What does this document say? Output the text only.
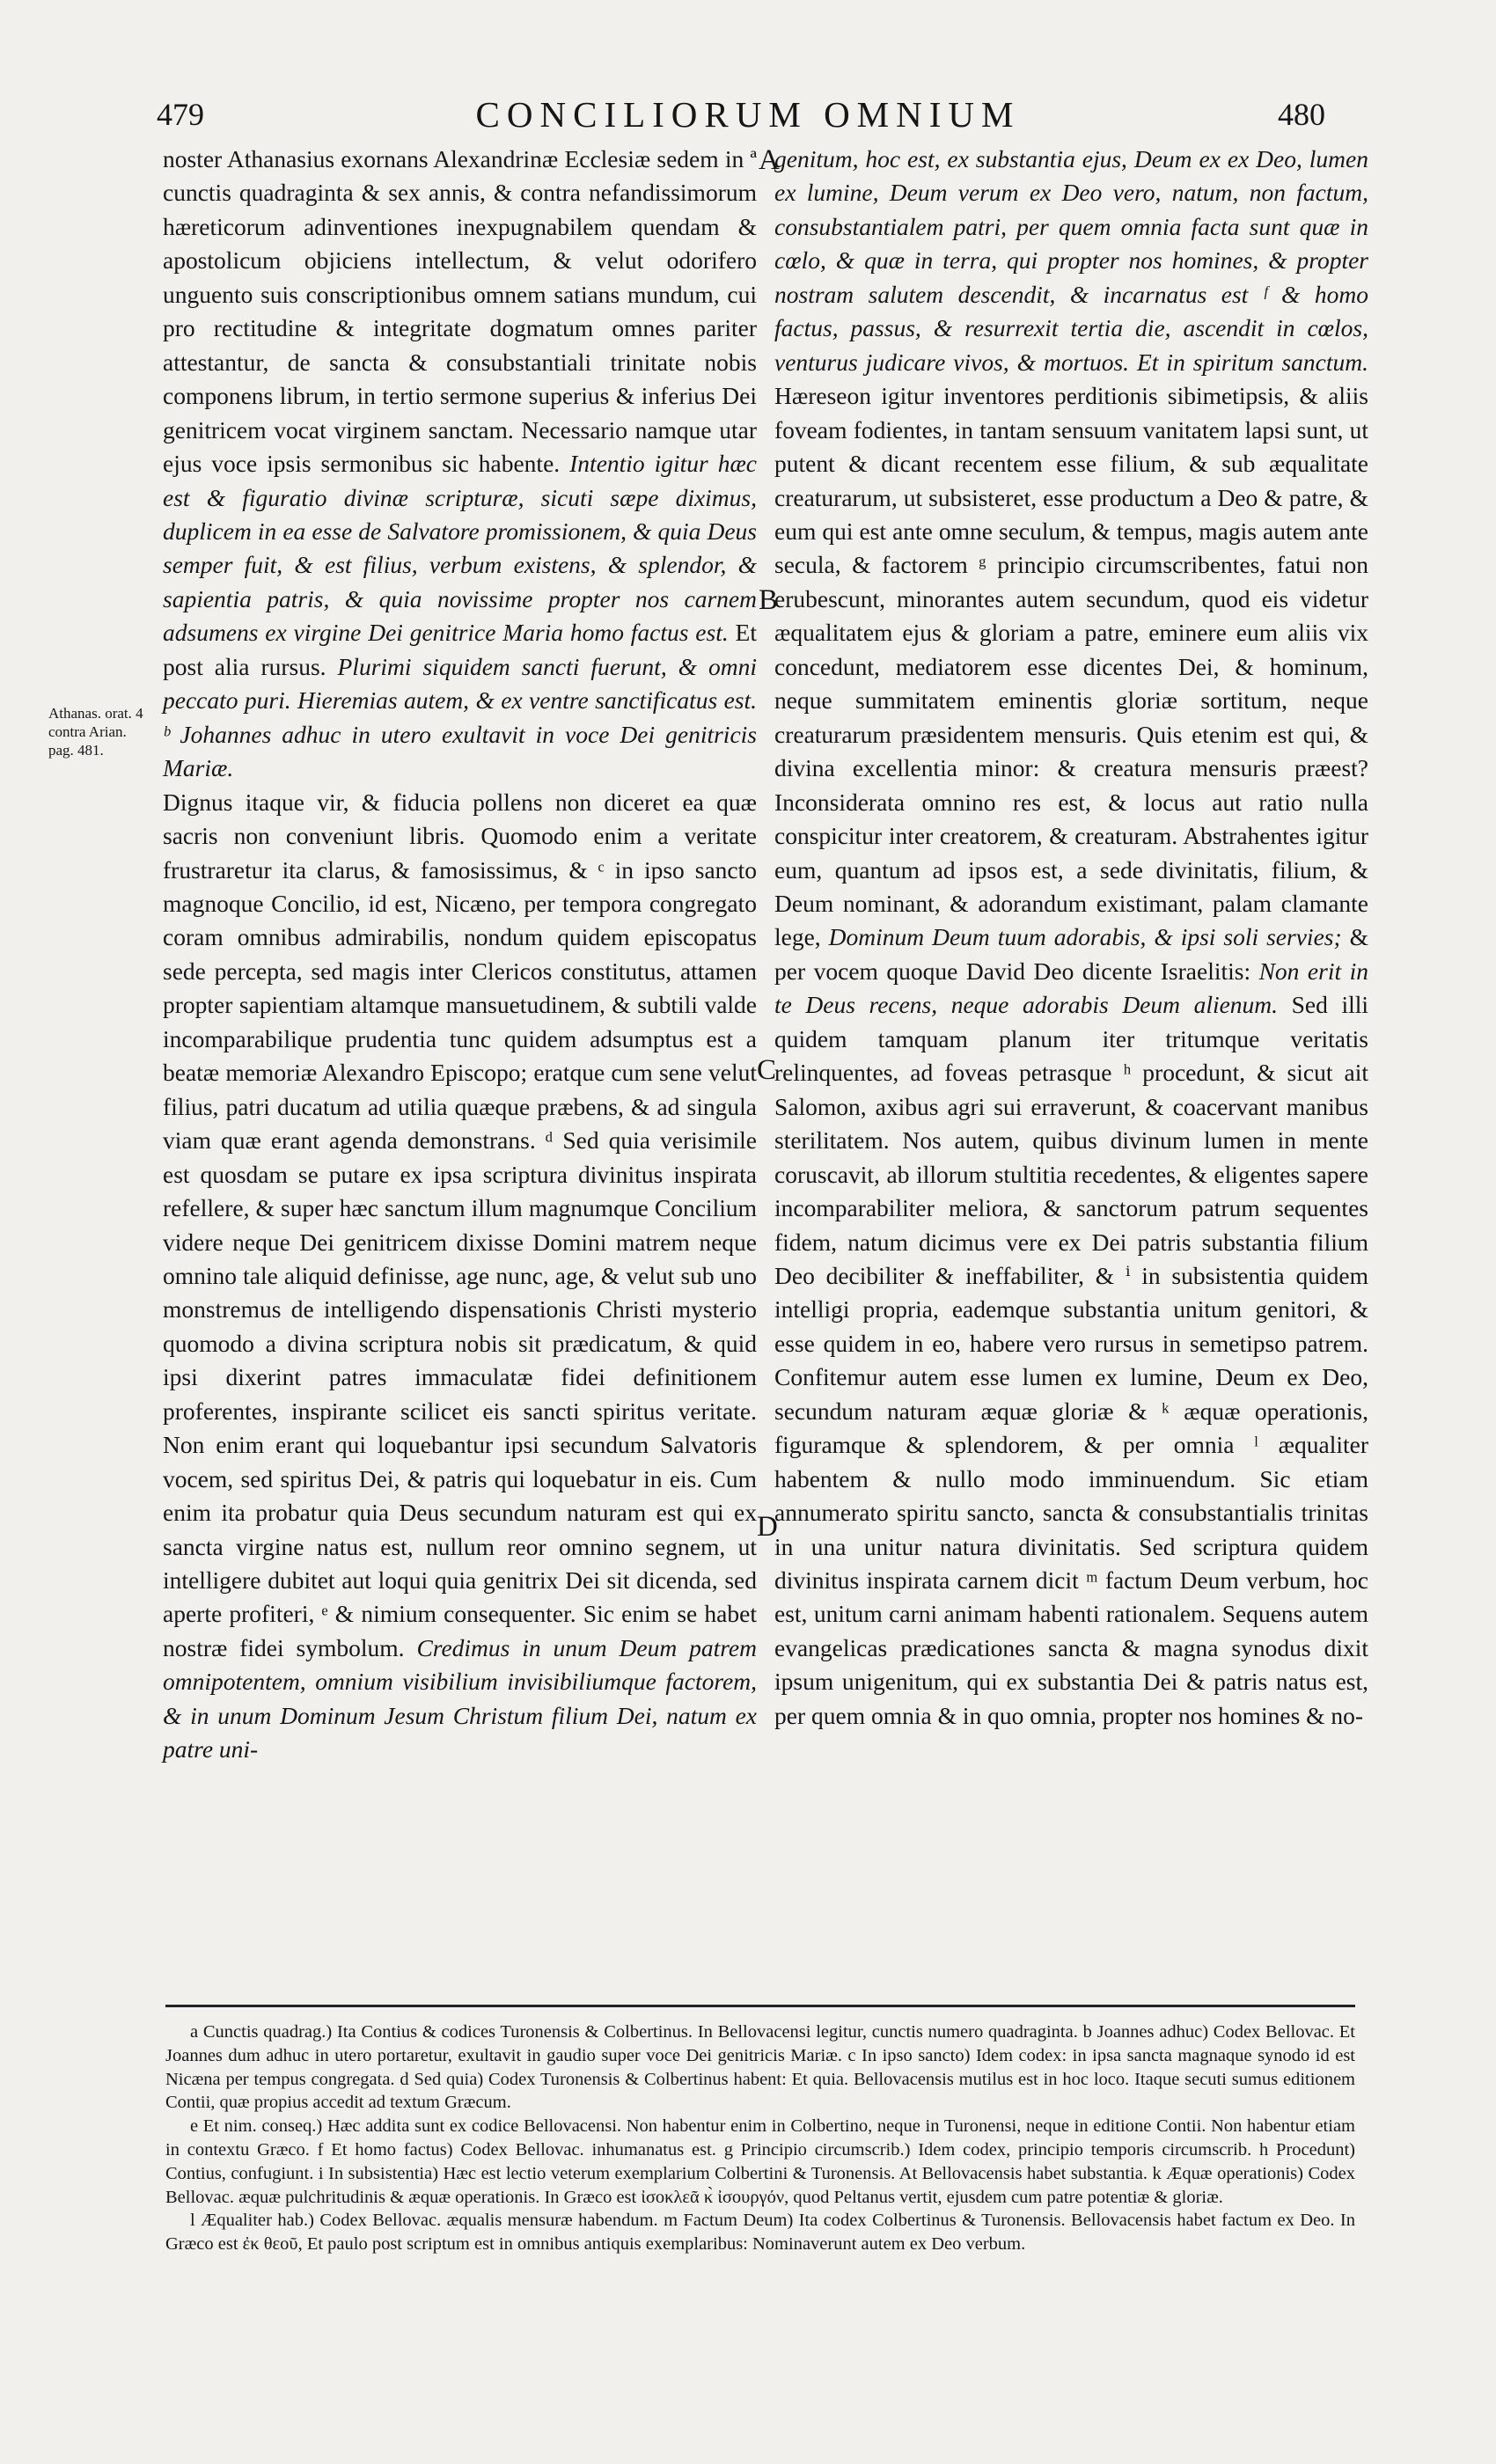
479	CONCILIORUM OMNIUM	480
Athanas. orat. 4 contra Arian. pag. 481.
A
B
C
D

noster Athanasius exornans Alexandrinæ Ecclesiæ sedem in ª cunctis quadraginta & sex annis, & contra nefandissimorum hæreticorum adinventiones inexpugnabilem quendam & apostolicum objiciens intellectum, & velut odorifero unguento suis conscriptionibus omnem satians mundum, cui pro rectitudine & integritate dogmatum omnes pariter attestantur, de sancta & consubstantiali trinitate nobis componens librum, in tertio sermone superius & inferius Dei genitricem vocat virginem sanctam. Necessario namque utar ejus voce ipsis sermonibus sic habente. Intentio igitur hæc est & figuratio divinæ scripturæ, sicuti sæpe diximus, duplicem in ea esse de Salvatore promissionem, & quia Deus semper fuit, & est filius, verbum existens, & splendor, & sapientia patris, & quia novissime propter nos carnem adsumens ex virgine Dei genitrice Maria homo factus est. Et post alia rursus. Plurimi siquidem sancti fuerunt, & omni peccato puri. Hieremias autem, & ex ventre sanctificatus est. ᵇ Johannes adhuc in utero exultavit in voce Dei genitricis Mariæ.

Dignus itaque vir, & fiducia pollens non diceret ea quæ sacris non conveniunt libris. Quomodo enim a veritate frustraretur ita clarus, & famosissimus, & ᶜ in ipso sancto magnoque Concilio, id est, Nicæno, per tempora congregato coram omnibus admirabilis, nondum quidem episcopatus sede percepta, sed magis inter Clericos constitutus, attamen propter sapientiam altamque mansuetudinem, & subtili valde incomparabilique prudentia tunc quidem adsumptus est a beatæ memoriæ Alexandro Episcopo; eratque cum sene velut filius, patri ducatum ad utilia quæque præbens, & ad singula viam quæ erant agenda demonstrans. ᵈ Sed quia verisimile est quosdam se putare ex ipsa scriptura divinitus inspirata refellere, & super hæc sanctum illum magnumque Concilium videre neque Dei genitricem dixisse Domini matrem neque omnino tale aliquid definisse, age nunc, age, & velut sub uno monstremus de intelligendo dispensationis Christi mysterio quomodo a divina scriptura nobis sit prædicatum, & quid ipsi dixerint patres immaculatæ fidei definitionem proferentes, inspirante scilicet eis sancti spiritus veritate. Non enim erant qui loquebantur ipsi secundum Salvatoris vocem, sed spiritus Dei, & patris qui loquebatur in eis. Cum enim ita probatur quia Deus secundum naturam est qui ex sancta virgine natus est, nullum reor omnino segnem, ut intelligere dubitet aut loqui quia genitrix Dei sit dicenda, sed aperte profiteri, ᵉ & nimium consequenter. Sic enim se habet nostræ fidei symbolum. Credimus in unum Deum patrem omnipotentem, omnium visibilium invisibiliumque factorem, & in unum Dominum Jesum Christum filium Dei, natum ex patre uni-

genitum, hoc est, ex substantia ejus, Deum ex ex Deo, lumen ex lumine, Deum verum ex Deo vero, natum, non factum, consubstantialem patri, per quem omnia facta sunt quæ in cœlo, & quæ in terra, qui propter nos homines, & propter nostram salutem descendit, & incarnatus est ᶠ & homo factus, passus, & resurrexit tertia die, ascendit in cœlos, venturus judicare vivos, & mortuos. Et in spiritum sanctum. Hæreseon igitur inventores perditionis sibimetipsis, & aliis foveam fodientes, in tantam sensuum vanitatem lapsi sunt, ut putent & dicant recentem esse filium, & sub æqualitate creaturarum, ut subsisteret, esse productum a Deo & patre, & eum qui est ante omne seculum, & tempus, magis autem ante secula, & factorem ᵍ principio circumscribentes, fatui non erubescunt, minorantes autem secundum, quod eis videtur æqualitatem ejus & gloriam a patre, eminere eum aliis vix concedunt, mediatorem esse dicentes Dei, & hominum, neque summitatem eminentis gloriæ sortitum, neque creaturarum præsidentem mensuris. Quis etenim est qui, & divina excellentia minor: & creatura mensuris præest? Inconsiderata omnino res est, & locus aut ratio nulla conspicitur inter creatorem, & creaturam. Abstrahentes igitur eum, quantum ad ipsos est, a sede divinitatis, filium, & Deum nominant, & adorandum existimant, palam clamante lege, Dominum Deum tuum adorabis, & ipsi soli servies; & per vocem quoque David Deo dicente Israelitis: Non erit in te Deus recens, neque adorabis Deum alienum. Sed illi quidem tamquam planum iter tritumque veritatis relinquentes, ad foveas petrasque ʰ procedunt, & sicut ait Salomon, axibus agri sui erraverunt, & coacervant manibus sterilitatem. Nos autem, quibus divinum lumen in mente coruscavit, ab illorum stultitia recedentes, & eligentes sapere incomparabiliter meliora, & sanctorum patrum sequentes fidem, natum dicimus vere ex Dei patris substantia filium Deo decibiliter & ineffabiliter, & ⁱ in subsistentia quidem intelligi propria, eademque substantia unitum genitori, & esse quidem in eo, habere vero rursus in semetipso patrem. Confitemur autem esse lumen ex lumine, Deum ex Deo, secundum naturam æquæ gloriæ & ᵏ æquæ operationis, figuramque & splendorem, & per omnia ˡ æqualiter habentem & nullo modo imminuendum. Sic etiam annumerato spiritu sancto, sancta & consubstantialis trinitas in una unitur natura divinitatis. Sed scriptura quidem divinitus inspirata carnem dicit ᵐ factum Deum verbum, hoc est, unitum carni animam habenti rationalem. Sequens autem evangelicas prædicationes sancta & magna synodus dixit ipsum unigenitum, qui ex substantia Dei & patris natus est, per quem omnia & in quo omnia, propter nos homines & no-

a Cunctis quadrag.) Ita Contius & codices Turonensis & Colbertinus. In Bellovacensi legitur, cunctis numero quadraginta. b Joannes adhuc) Codex Bellovac. Et Joannes dum adhuc in utero portaretur, exultavit in gaudio super voce Dei genitricis Mariæ. c In ipso sancto) Idem codex: in ipsa sancta magnaque synodo id est Nicæna per tempus congregata. d Sed quia) Codex Turonensis & Colbertinus habent: Et quia. Bellovacensis mutilus est in hoc loco. Itaque secuti sumus editionem Contii, quæ propius accedit ad textum Græcum.

e Et nim. conseq.) Hæc addita sunt ex codice Bellovacensi. Non habentur enim in Colbertino, neque in Turonensi, neque in editione Contii. Non habentur etiam in contextu Græco. f Et homo factus) Codex Bellovac. inhumanatus est. g Principio circumscrib.) Idem codex, principio temporis circumscrib. h Procedunt) Contius, confugiunt. i In subsistentia) Hæc est lectio veterum exemplarium Colbertini & Turonensis. At Bellovacensis habet substantia. k Æquæ operationis) Codex Bellovac. æquæ pulchritudinis & æquæ operationis. In Græco est ἰσοκλεᾶ κ̀ ἰσουργόν, quod Peltanus vertit, ejusdem cum patre potentiæ & gloriæ.

l Æqualiter hab.) Codex Bellovac. æqualis mensuræ habendum. m Factum Deum) Ita codex Colbertinus & Turonensis. Bellovacensis habet factum ex Deo. In Græco est ἐκ θεοῦ, Et paulo post scriptum est in omnibus antiquis exemplaribus: Nominaverunt autem ex Deo verbum.
